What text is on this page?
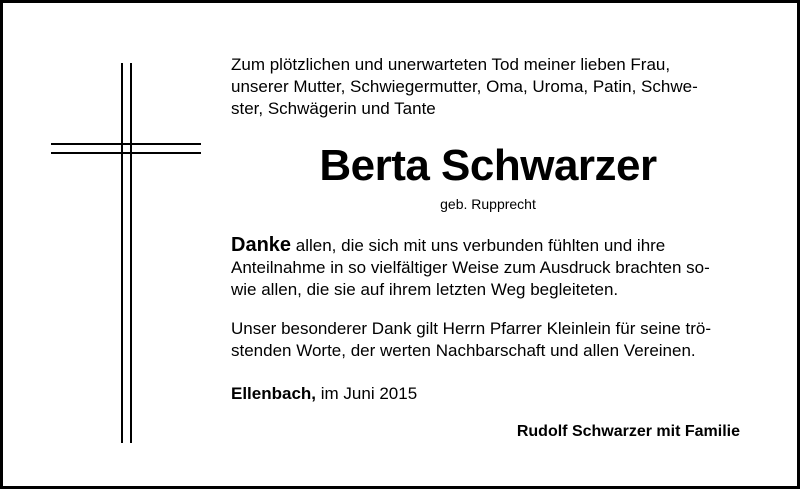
Zum plötzlichen und unerwarteten Tod meiner lieben Frau,
unserer Mutter, Schwiegermutter, Oma, Uroma, Patin, Schwe-
ster, Schwägerin und Tante
Berta Schwarzer
geb. Rupprecht
Danke allen, die sich mit uns verbunden fühlten und ihre
Anteilnahme in so vielfältiger Weise zum Ausdruck brachten so-
wie allen, die sie auf ihrem letzten Weg begleiteten.
Unser besonderer Dank gilt Herrn Pfarrer Kleinlein für seine trö-
stenden Worte, der werten Nachbarschaft und allen Vereinen.
Ellenbach, im Juni 2015
Rudolf Schwarzer mit Familie
